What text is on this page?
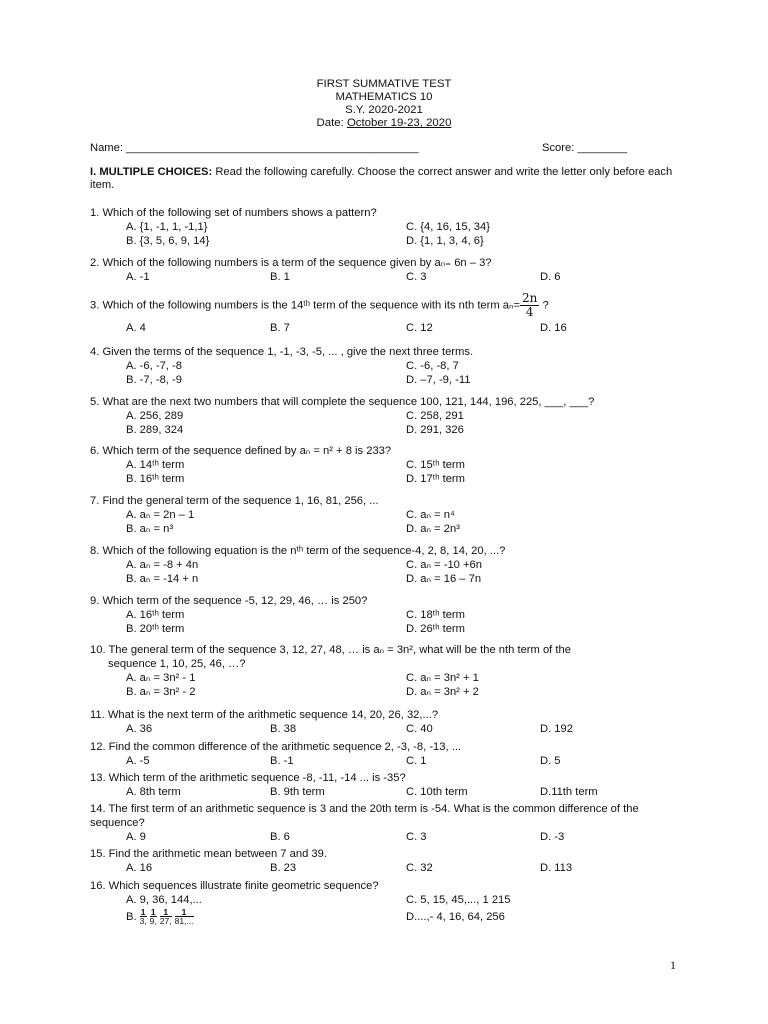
FIRST SUMMATIVE TEST
MATHEMATICS 10
S.Y. 2020-2021
Date: October 19-23, 2020
Name: _______________________________________________	Score: ________
I. MULTIPLE CHOICES: Read the following carefully. Choose the correct answer and write the letter only before each item.
1. Which of the following set of numbers shows a pattern?
A. {1, -1, 1, -1,1}	C. {4, 16, 15, 34}
B. {3, 5, 6, 9, 14}	D. {1, 1, 3, 4, 6}
2. Which of the following numbers is a term of the sequence given by aₙ₌ 6n – 3?
A. -1	B. 1	C. 3	D. 6
3. Which of the following numbers is the 14ᵗʰ term of the sequence with its nth term $a_n= \frac{2n}{4}$ ?
A. 4	B. 7	C. 12	D. 16
4. Given the terms of the sequence 1, -1, -3, -5, ... , give the next three terms.
A. -6, -7, -8	C. -6, -8, 7
B. -7, -8, -9	D. –7, -9, -11
5. What are the next two numbers that will complete the sequence 100, 121, 144, 196, 225, ___, ___?
A. 256, 289	C. 258, 291
B. 289, 324	D. 291, 326
6. Which term of the sequence defined by aₙ = n² + 8 is 233?
A. 14ᵗʰ term	C. 15ᵗʰ term
B. 16ᵗʰ term	D. 17ᵗʰ term
7. Find the general term of the sequence 1, 16, 81, 256, ...
A. aₙ = 2n – 1	C. aₙ = n⁴
B. aₙ = n³	D. aₙ = 2n³
8. Which of the following equation is the nᵗʰ term of the sequence-4, 2, 8, 14, 20, ...?
A. aₙ = -8 + 4n	C. aₙ = -10 +6n
B. aₙ = -14 + n	D. aₙ = 16 – 7n
9. Which term of the sequence -5, 12, 29, 46, … is 250?
A. 16ᵗʰ term	C. 18ᵗʰ term
B. 20ᵗʰ term	D. 26ᵗʰ term
10. The general term of the sequence 3, 12, 27, 48, … is aₙ = 3n², what will be the nth term of the
sequence 1, 10, 25, 46, …?
A. aₙ = 3n² - 1	C. aₙ = 3n² + 1
B. aₙ = 3n² - 2	D. aₙ = 3n² + 2
11. What is the next term of the arithmetic sequence 14, 20, 26, 32,...?
A. 36	B. 38	C. 40	D. 192
12. Find the common difference of the arithmetic sequence 2, -3, -8, -13, ...
A. -5	B. -1	C. 1	D. 5
13. Which term of the arithmetic sequence -8, -11, -14 ... is -35?
A. 8th term	B. 9th term	C. 10th term	D.11th term
14. The first term of an arithmetic sequence is 3 and the 20th term is -54. What is the common difference of the sequence?
A. 9	B. 6	C. 3	D. -3
15. Find the arithmetic mean between 7 and 39.
A. 16	B. 23	C. 32	D. 113
16. Which sequences illustrate finite geometric sequence?
A. 9, 36, 144,...	C. 5, 15, 45,..., 1 215
B. $\frac{1}{3,} \frac{1}{9,} \frac{1}{27,} \frac{1}{81,...}$	D....,- 4, 16, 64, 256
1
